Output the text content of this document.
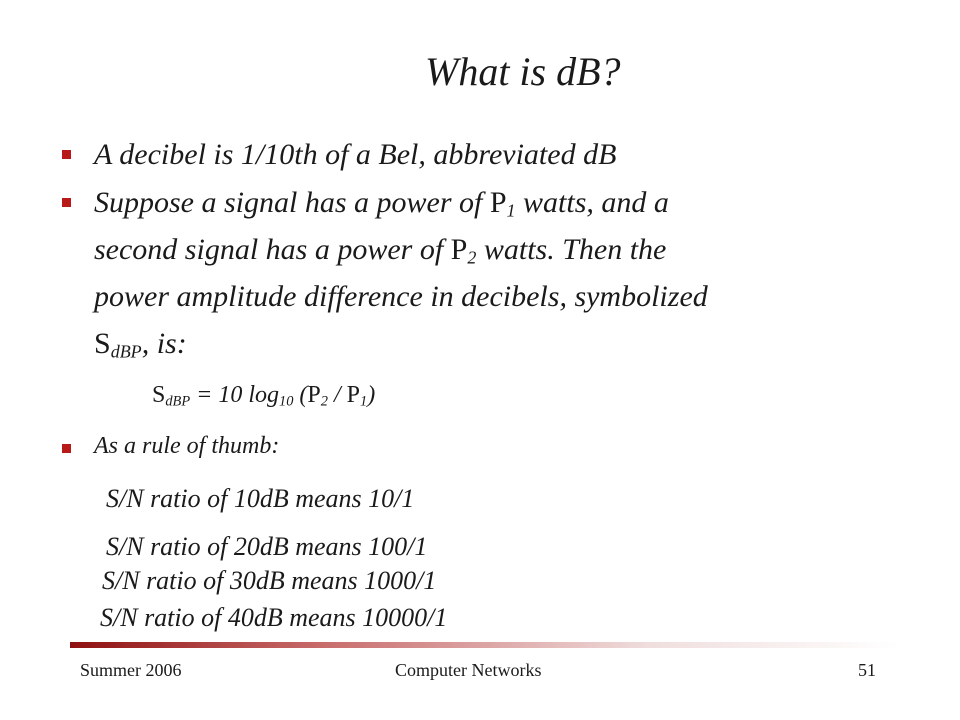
What is dB?
A decibel is 1/10th of a Bel, abbreviated dB
Suppose a signal has a power of $P_1$ watts, and a
second signal has a power of $P_2$ watts. Then the
power amplitude difference in decibels, symbolized
$S_{dBP}$, is:
$S_{dBP} = 10$ $\log_{10} (P_2 / P_1)$
As a rule of thumb:
S/N ratio of 10dB means 10/1
S/N ratio of 20dB means 100/1
S/N ratio of 30dB means 1000/1
S/N ratio of 40dB means 10000/1
Summer 2006	Computer Networks	51
